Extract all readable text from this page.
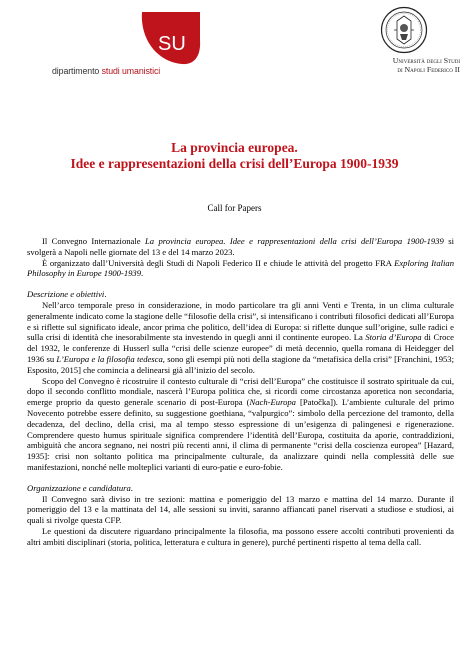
SU
dipartimento studi umanistici
Università degli Studi
di Napoli Federico II
La provincia europea.
Idee e rappresentazioni della crisi dell’Europa 1900-1939
Call for Papers

Il Convegno Internazionale La provincia europea. Idee e rappresentazioni della crisi dell’Europa 1900-1939 si svolgerà a Napoli nelle giornate del 13 e del 14 marzo 2023.

È organizzato dall’Università degli Studi di Napoli Federico II e chiude le attività del progetto FRA Exploring Italian Philosophy in Europe 1900-1939.

Descrizione e obiettivi.

Nell’arco temporale preso in considerazione, in modo particolare tra gli anni Venti e Trenta, in un clima culturale generalmente indicato come la stagione delle “filosofie della crisi”, si intensificano i contributi filosofici dedicati all’Europa e si riflette sul significato ideale, ancor prima che politico, dell’idea di Europa: si riflette dunque sull’origine, sulle radici e sulla crisi di identità che inesorabilmente sta investendo in quegli anni il continente europeo. La Storia d’Europa di Croce del 1932, le conferenze di Husserl sulla “crisi delle scienze europee” di metà decennio, quella romana di Heidegger del 1936 su L’Europa e la filosofia tedesca, sono gli esempi più noti della stagione da “metafisica della crisi” [Franchini, 1953; Esposito, 2015] che comincia a delinearsi già all’inizio del secolo.

Scopo del Convegno è ricostruire il contesto culturale di “crisi dell’Europa” che costituisce il sostrato spirituale da cui, dopo il secondo conflitto mondiale, nascerà l’Europa politica che, si ricordi come circostanza aporetica non secondaria, emerge proprio da questo generale scenario di post-Europa (Nach-Europa [Patočka]). L’ambiente culturale del primo Novecento potrebbe essere definito, su suggestione goethiana, “valpurgico”: simbolo della percezione del tramonto, della decadenza, del declino, della crisi, ma al tempo stesso espressione di un’esigenza di palingenesi e rigenerazione. Comprendere questo humus spirituale significa comprendere l’identità dell’Europa, costituita da aporie, contraddizioni, ambiguità che ancora segnano, nei nostri più recenti anni, il clima di permanente “crisi della coscienza europea” [Hazard, 1935]: crisi non soltanto politica ma principalmente culturale, da analizzare quindi nella complessità delle sue manifestazioni, nonché nelle molteplici varianti di euro-patie e euro-fobie.

Organizzazione e candidatura.

Il Convegno sarà diviso in tre sezioni: mattina e pomeriggio del 13 marzo e mattina del 14 marzo. Durante il pomeriggio del 13 e la mattinata del 14, alle sessioni su inviti, saranno affiancati panel riservati a studiose e studiosi, ai quali si rivolge questa CFP.

Le questioni da discutere riguardano principalmente la filosofia, ma possono essere accolti contributi provenienti da altri ambiti disciplinari (storia, politica, letteratura e cultura in genere), purché pertinenti rispetto al tema della call.
